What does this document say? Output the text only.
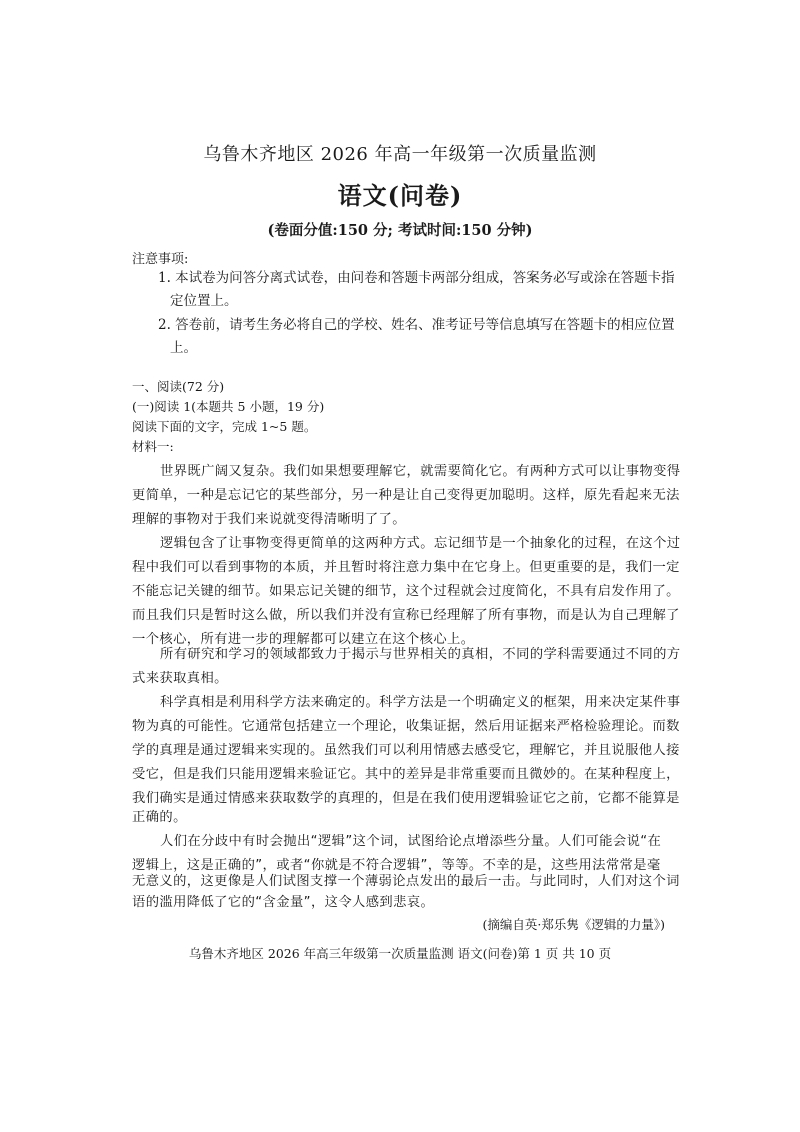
乌鲁木齐地区 2026 年高一年级第一次质量监测
语文(问卷)
(卷面分值:150 分; 考试时间:150 分钟)
注意事项:
1. 本试卷为问答分离式试卷，由问卷和答题卡两部分组成，答案务必写或涂在答题卡指
定位置上。
2. 答卷前，请考生务必将自己的学校、姓名、准考证号等信息填写在答题卡的相应位置
上。
一、阅读(72 分)
(一)阅读 1(本题共 5 小题，19 分)
阅读下面的文字，完成 1~5 题。
材料一:
世界既广阔又复杂。我们如果想要理解它，就需要简化它。有两种方式可以让事物变得
更简单，一种是忘记它的某些部分，另一种是让自己变得更加聪明。这样，原先看起来无法
理解的事物对于我们来说就变得清晰明了了。
逻辑包含了让事物变得更简单的这两种方式。忘记细节是一个抽象化的过程，在这个过
程中我们可以看到事物的本质，并且暂时将注意力集中在它身上。但更重要的是，我们一定
不能忘记关键的细节。如果忘记关键的细节，这个过程就会过度简化，不具有启发作用了。
而且我们只是暂时这么做，所以我们并没有宣称已经理解了所有事物，而是认为自己理解了
一个核心，所有进一步的理解都可以建立在这个核心上。
所有研究和学习的领域都致力于揭示与世界相关的真相，不同的学科需要通过不同的方
式来获取真相。
科学真相是利用科学方法来确定的。科学方法是一个明确定义的框架，用来决定某件事
物为真的可能性。它通常包括建立一个理论，收集证据，然后用证据来严格检验理论。而数
学的真理是通过逻辑来实现的。虽然我们可以利用情感去感受它，理解它，并且说服他人接
受它，但是我们只能用逻辑来验证它。其中的差异是非常重要而且微妙的。在某种程度上，
我们确实是通过情感来获取数学的真理的，但是在我们使用逻辑验证它之前，它都不能算是
正确的。
人们在分歧中有时会抛出“逻辑”这个词，试图给论点增添些分量。人们可能会说“在
逻辑上，这是正确的”，或者“你就是不符合逻辑”，等等。不幸的是，这些用法常常是毫
无意义的，这更像是人们试图支撑一个薄弱论点发出的最后一击。与此同时，人们对这个词
语的滥用降低了它的“含金量”，这令人感到悲哀。
(摘编自英·郑乐隽《逻辑的力量》)
乌鲁木齐地区 2026 年高三年级第一次质量监测 语文(问卷)第 1 页 共 10 页
